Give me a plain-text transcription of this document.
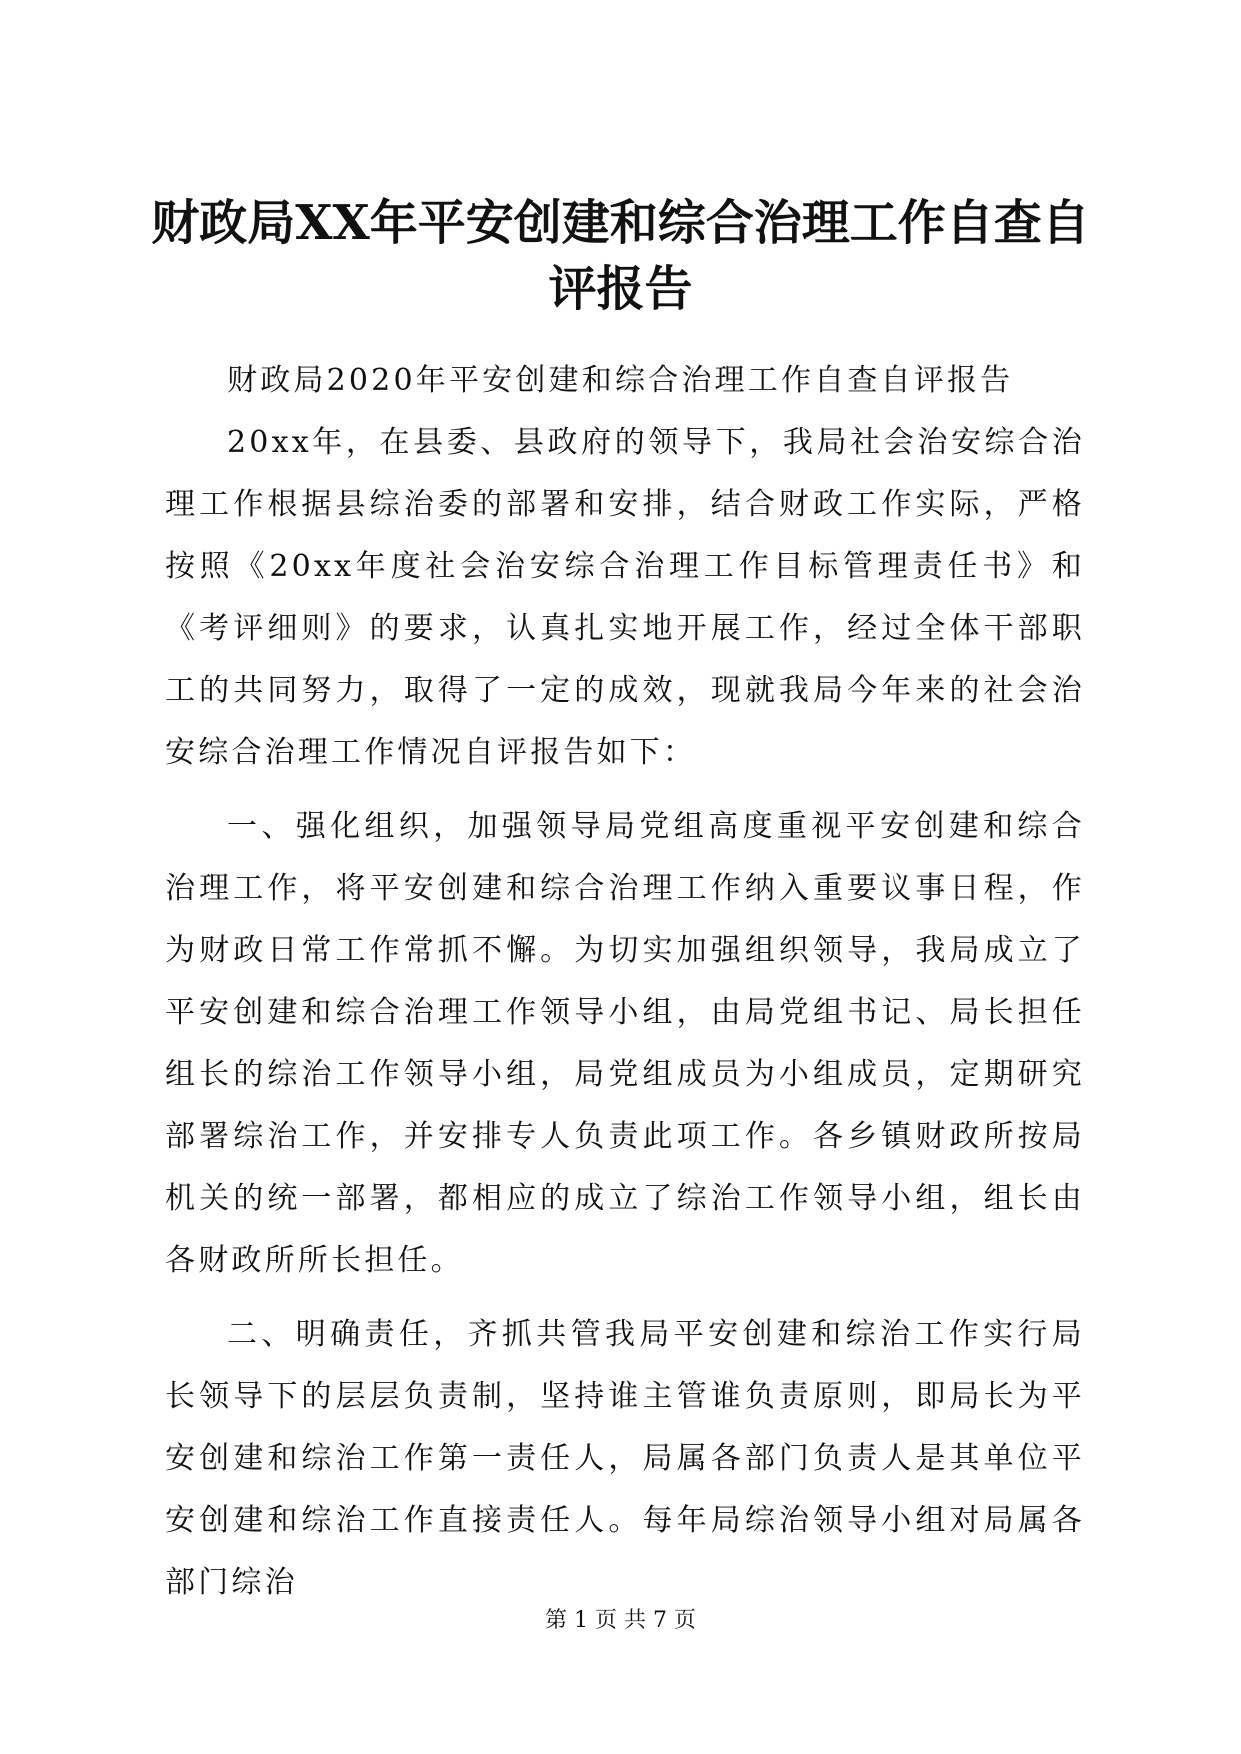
财政局XX年平安创建和综合治理工作自查自评报告

财政局2020年平安创建和综合治理工作自查自评报告

20xx年，在县委、县政府的领导下，我局社会治安综合治理工作根据县综治委的部署和安排，结合财政工作实际，严格按照《20xx年度社会治安综合治理工作目标管理责任书》和《考评细则》的要求，认真扎实地开展工作，经过全体干部职工的共同努力，取得了一定的成效，现就我局今年来的社会治安综合治理工作情况自评报告如下：

一、强化组织，加强领导局党组高度重视平安创建和综合治理工作，将平安创建和综合治理工作纳入重要议事日程，作为财政日常工作常抓不懈。为切实加强组织领导，我局成立了平安创建和综合治理工作领导小组，由局党组书记、局长担任组长的综治工作领导小组，局党组成员为小组成员，定期研究部署综治工作，并安排专人负责此项工作。各乡镇财政所按局机关的统一部署，都相应的成立了综治工作领导小组，组长由各财政所所长担任。

二、明确责任，齐抓共管我局平安创建和综治工作实行局长领导下的层层负责制，坚持谁主管谁负责原则，即局长为平安创建和综治工作第一责任人，局属各部门负责人是其单位平安创建和综治工作直接责任人。每年局综治领导小组对局属各部门综治

第 1 页 共 7 页
